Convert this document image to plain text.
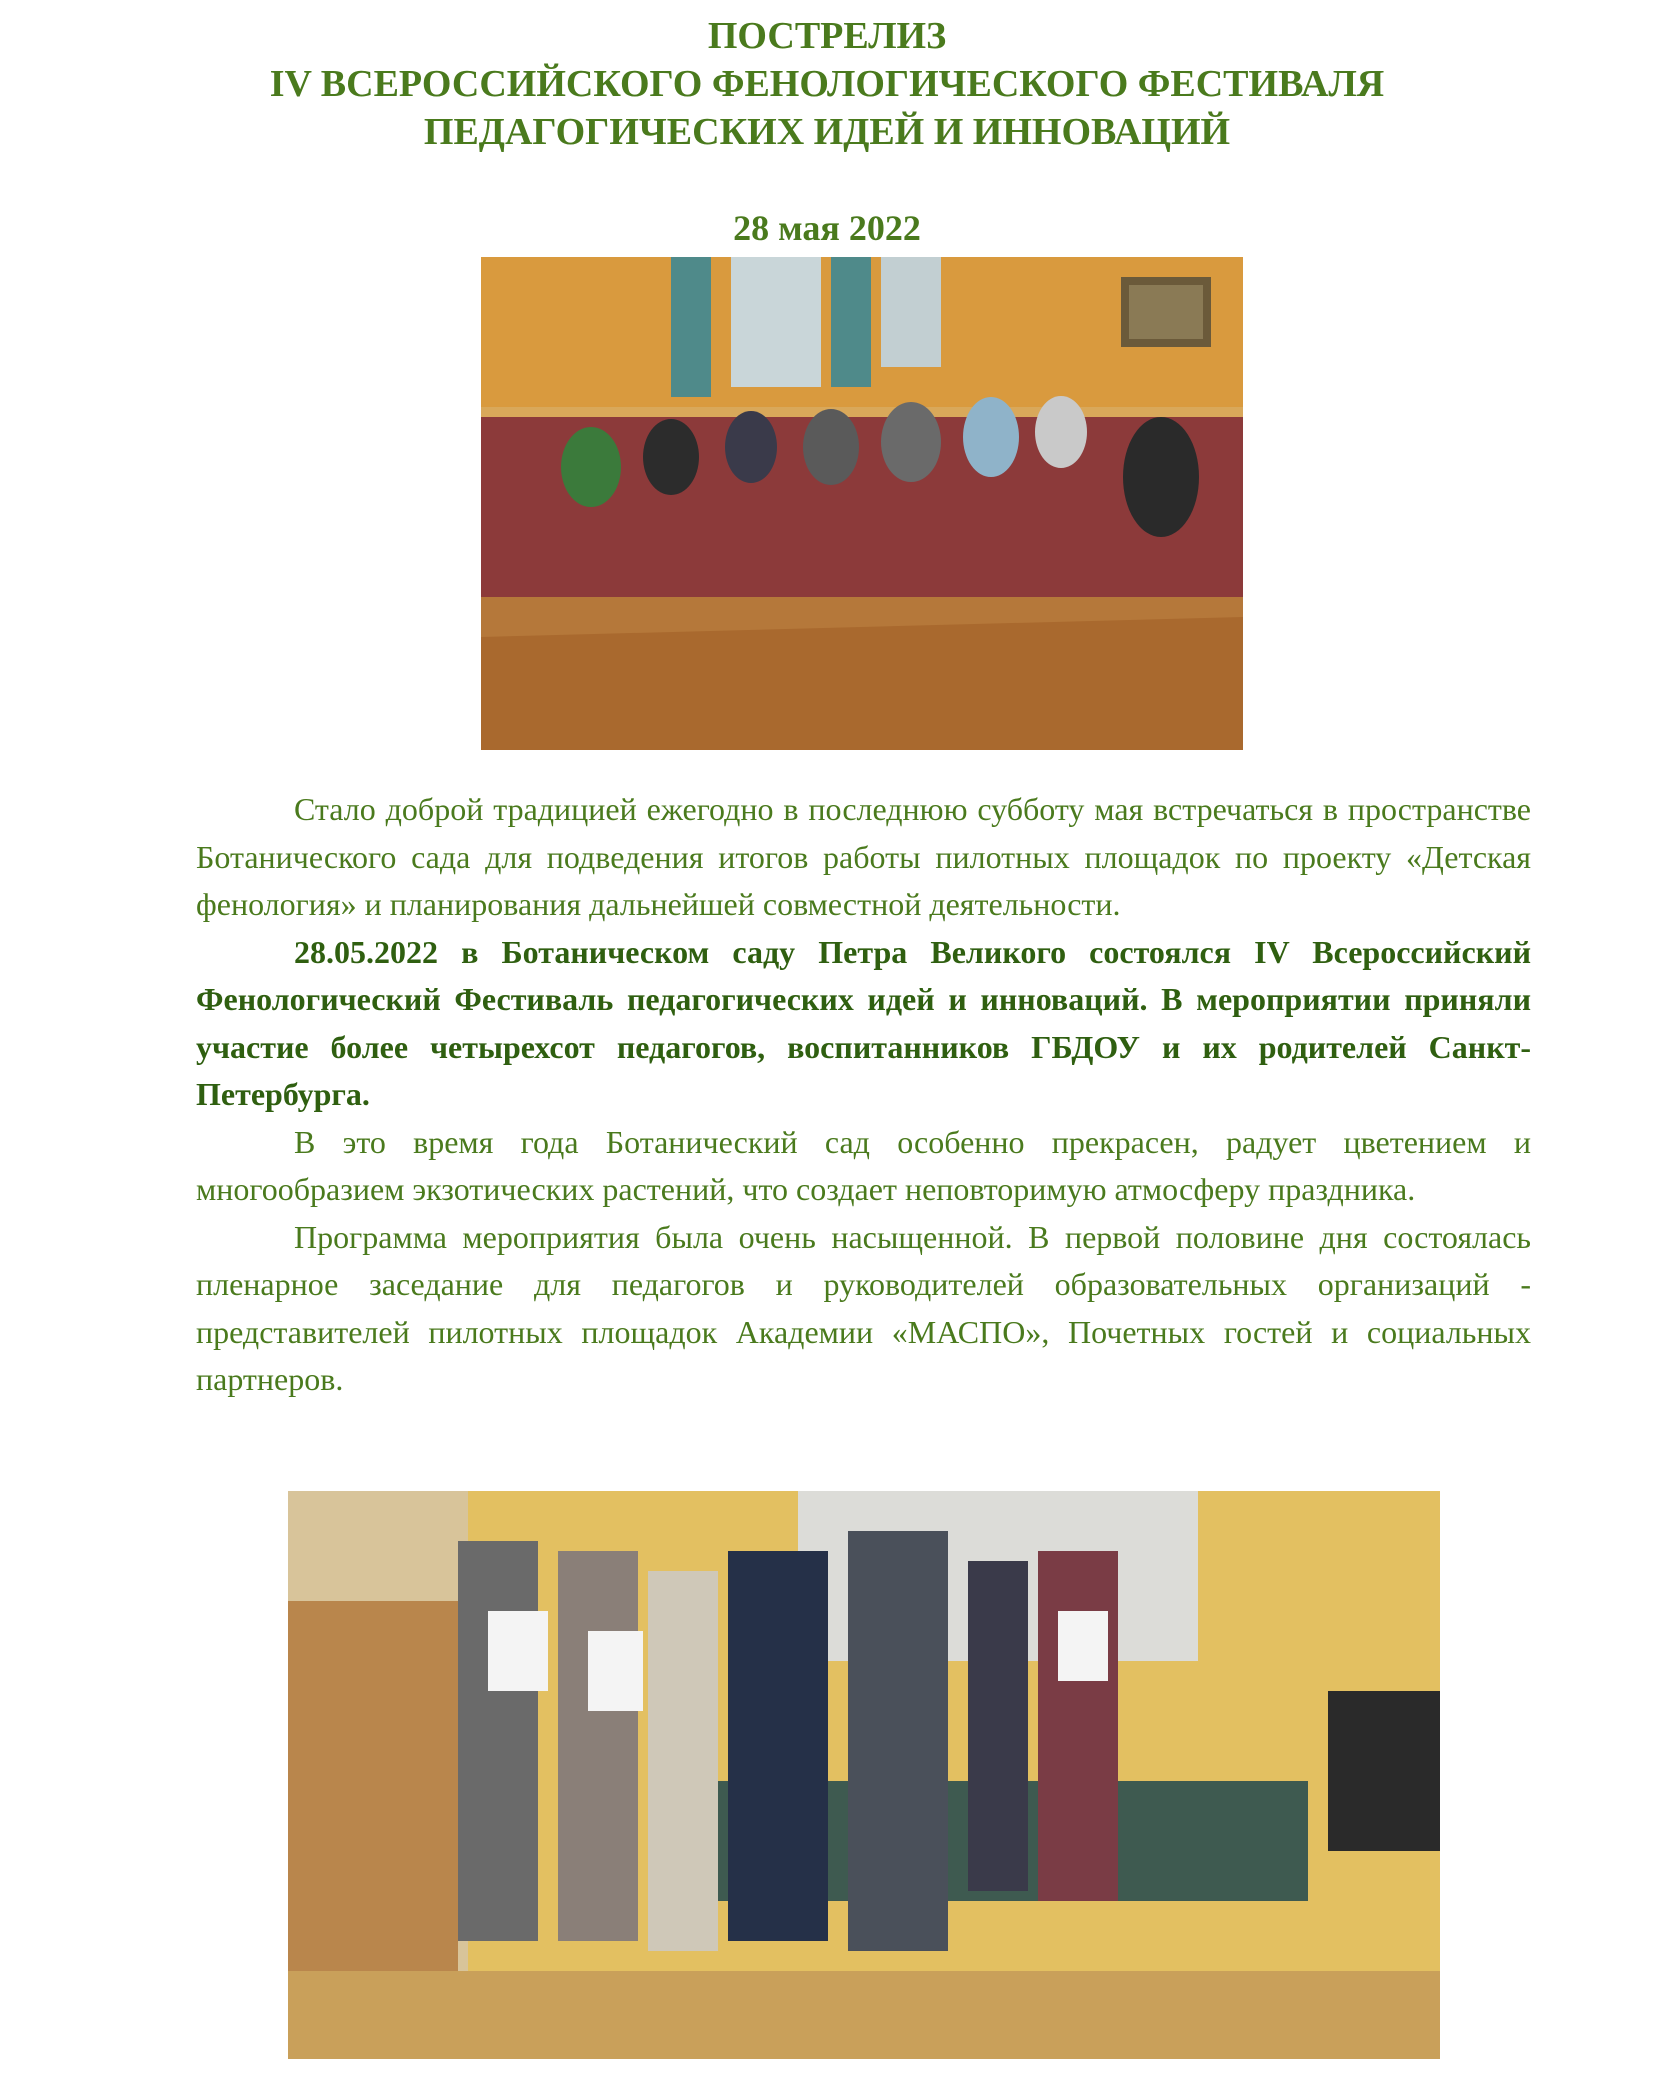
ПОСТРЕЛИЗ
IV ВСЕРОССИЙСКОГО ФЕНОЛОГИЧЕСКОГО ФЕСТИВАЛЯ
ПЕДАГОГИЧЕСКИХ ИДЕЙ И ИННОВАЦИЙ
28 мая 2022

Стало доброй традицией ежегодно в последнюю субботу мая встречаться в пространстве Ботанического сада для подведения итогов работы пилотных площадок по проекту «Детская фенология» и планирования дальнейшей совместной деятельности.

28.05.2022 в Ботаническом саду Петра Великого состоялся IV Всероссийский Фенологический Фестиваль педагогических идей и инноваций. В мероприятии приняли участие более четырехсот педагогов, воспитанников ГБДОУ и их родителей Санкт-Петербурга.

В это время года Ботанический сад особенно прекрасен, радует цветением и многообразием экзотических растений, что создает неповторимую атмосферу праздника.

Программа мероприятия была очень насыщенной. В первой половине дня состоялась пленарное заседание для педагогов и руководителей образовательных организаций - представителей пилотных площадок Академии «МАСПО», Почетных гостей и социальных партнеров.
